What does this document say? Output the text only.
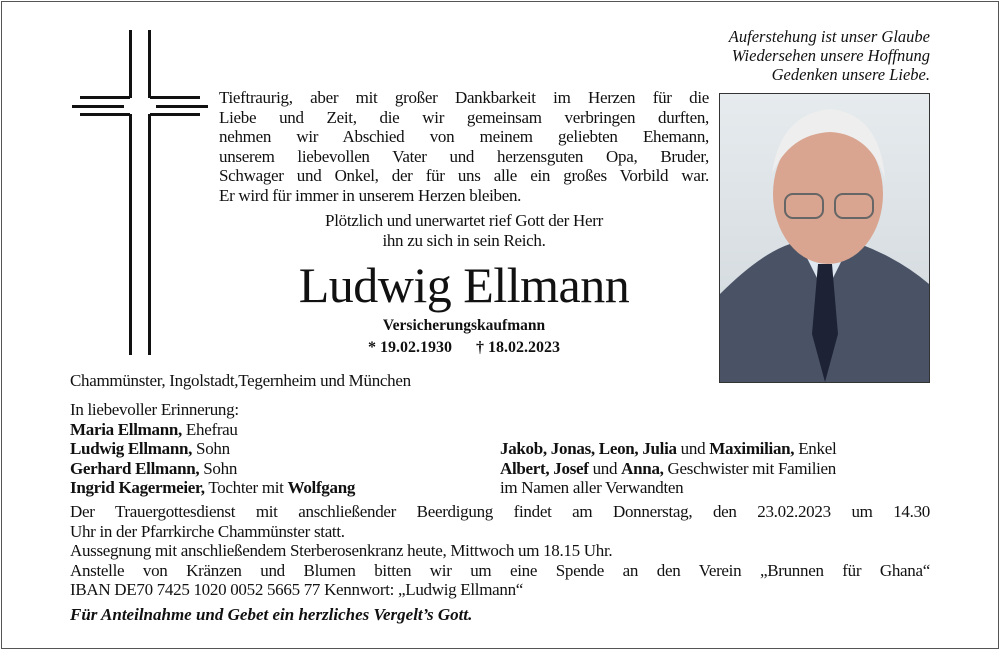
Auferstehung ist unser Glaube
Wiedersehen unsere Hoffnung
Gedenken unsere Liebe.
Tieftraurig, aber mit großer Dankbarkeit im Herzen für die
Liebe und Zeit, die wir gemeinsam verbringen durften,
nehmen wir Abschied von meinem geliebten Ehemann,
unserem liebevollen Vater und herzensguten Opa, Bruder,
Schwager und Onkel, der für uns alle ein großes Vorbild war.
Er wird für immer in unserem Herzen bleiben.
Plötzlich und unerwartet rief Gott der Herr
ihn zu sich in sein Reich.
Ludwig Ellmann
Versicherungskaufmann
* 19.02.1930 † 18.02.2023
Chammünster, Ingolstadt,Tegernheim und München
In liebevoller Erinnerung:
Maria Ellmann, Ehefrau
Ludwig Ellmann, Sohn
Gerhard Ellmann, Sohn
Ingrid Kagermeier, Tochter mit Wolfgang
Jakob, Jonas, Leon, Julia und Maximilian, Enkel
Albert, Josef und Anna, Geschwister mit Familien
im Namen aller Verwandten
Der Trauergottesdienst mit anschließender Beerdigung findet am Donnerstag, den 23.02.2023 um 14.30
Uhr in der Pfarrkirche Chammünster statt.
Aussegnung mit anschließendem Sterberosenkranz heute, Mittwoch um 18.15 Uhr.
Anstelle von Kränzen und Blumen bitten wir um eine Spende an den Verein „Brunnen für Ghana“
IBAN DE70 7425 1020 0052 5665 77 Kennwort: „Ludwig Ellmann“
Für Anteilnahme und Gebet ein herzliches Vergelt’s Gott.
